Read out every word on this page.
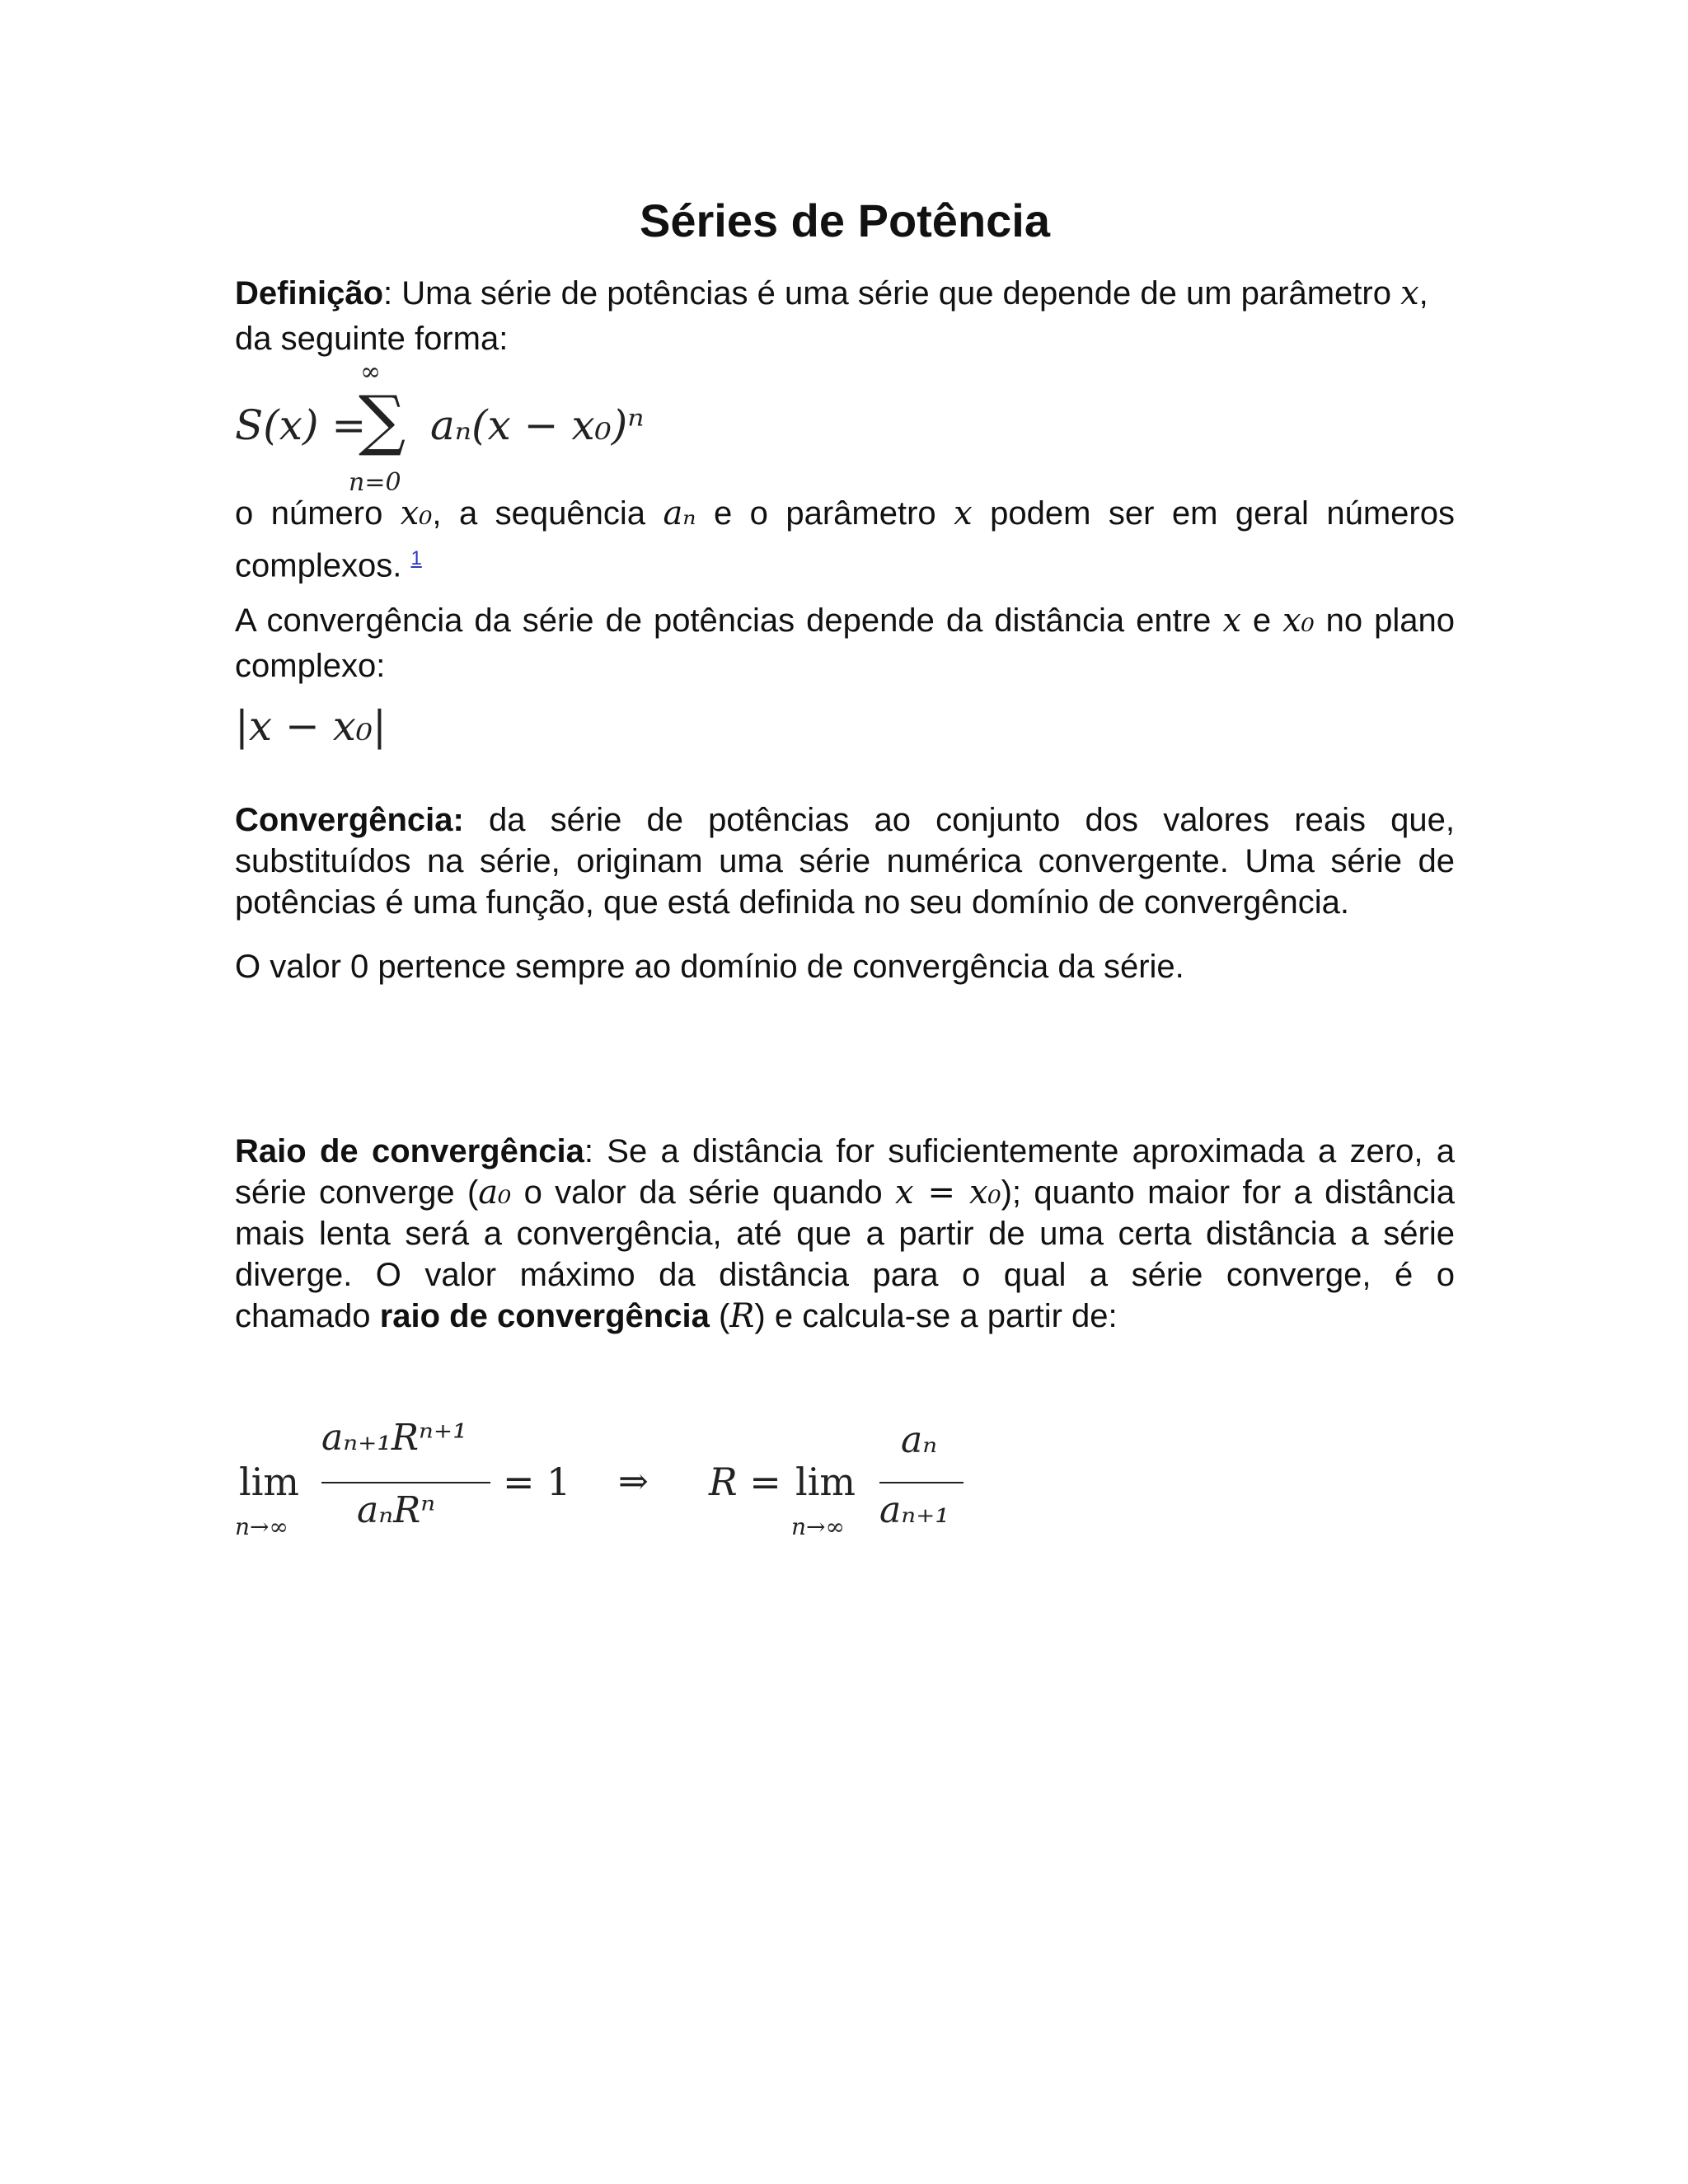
Séries de Potência

Definição: Uma série de potências é uma série que depende de um parâmetro x,

da seguinte forma:

S(x) =
∞
∑
n=0
aₙ(x − x₀)ⁿ

o número x₀, a sequência aₙ e o parâmetro x podem ser em geral números

complexos. $^1$

A convergência da série de potências depende da distância entre x e x₀ no plano

complexo:

|x − x₀|

Convergência: da série de potências ao conjunto dos valores reais que,

substituídos na série, originam uma série numérica convergente. Uma série de

potências é uma função, que está definida no seu domínio de convergência.

O valor 0 pertence sempre ao domínio de convergência da série.

Raio de convergência: Se a distância for suficientemente aproximada a zero, a

série converge (a₀ o valor da série quando x = x₀); quanto maior for a distância

mais lenta será a convergência, até que a partir de uma certa distância a série

diverge. O valor máximo da distância para o qual a série converge, é o

chamado raio de convergência (R) e calcula-se a partir de:

lim
n→∞
aₙ₊₁Rⁿ⁺¹
aₙRⁿ
= 1 ⇒ R = lim
n→∞
aₙ
aₙ₊₁
